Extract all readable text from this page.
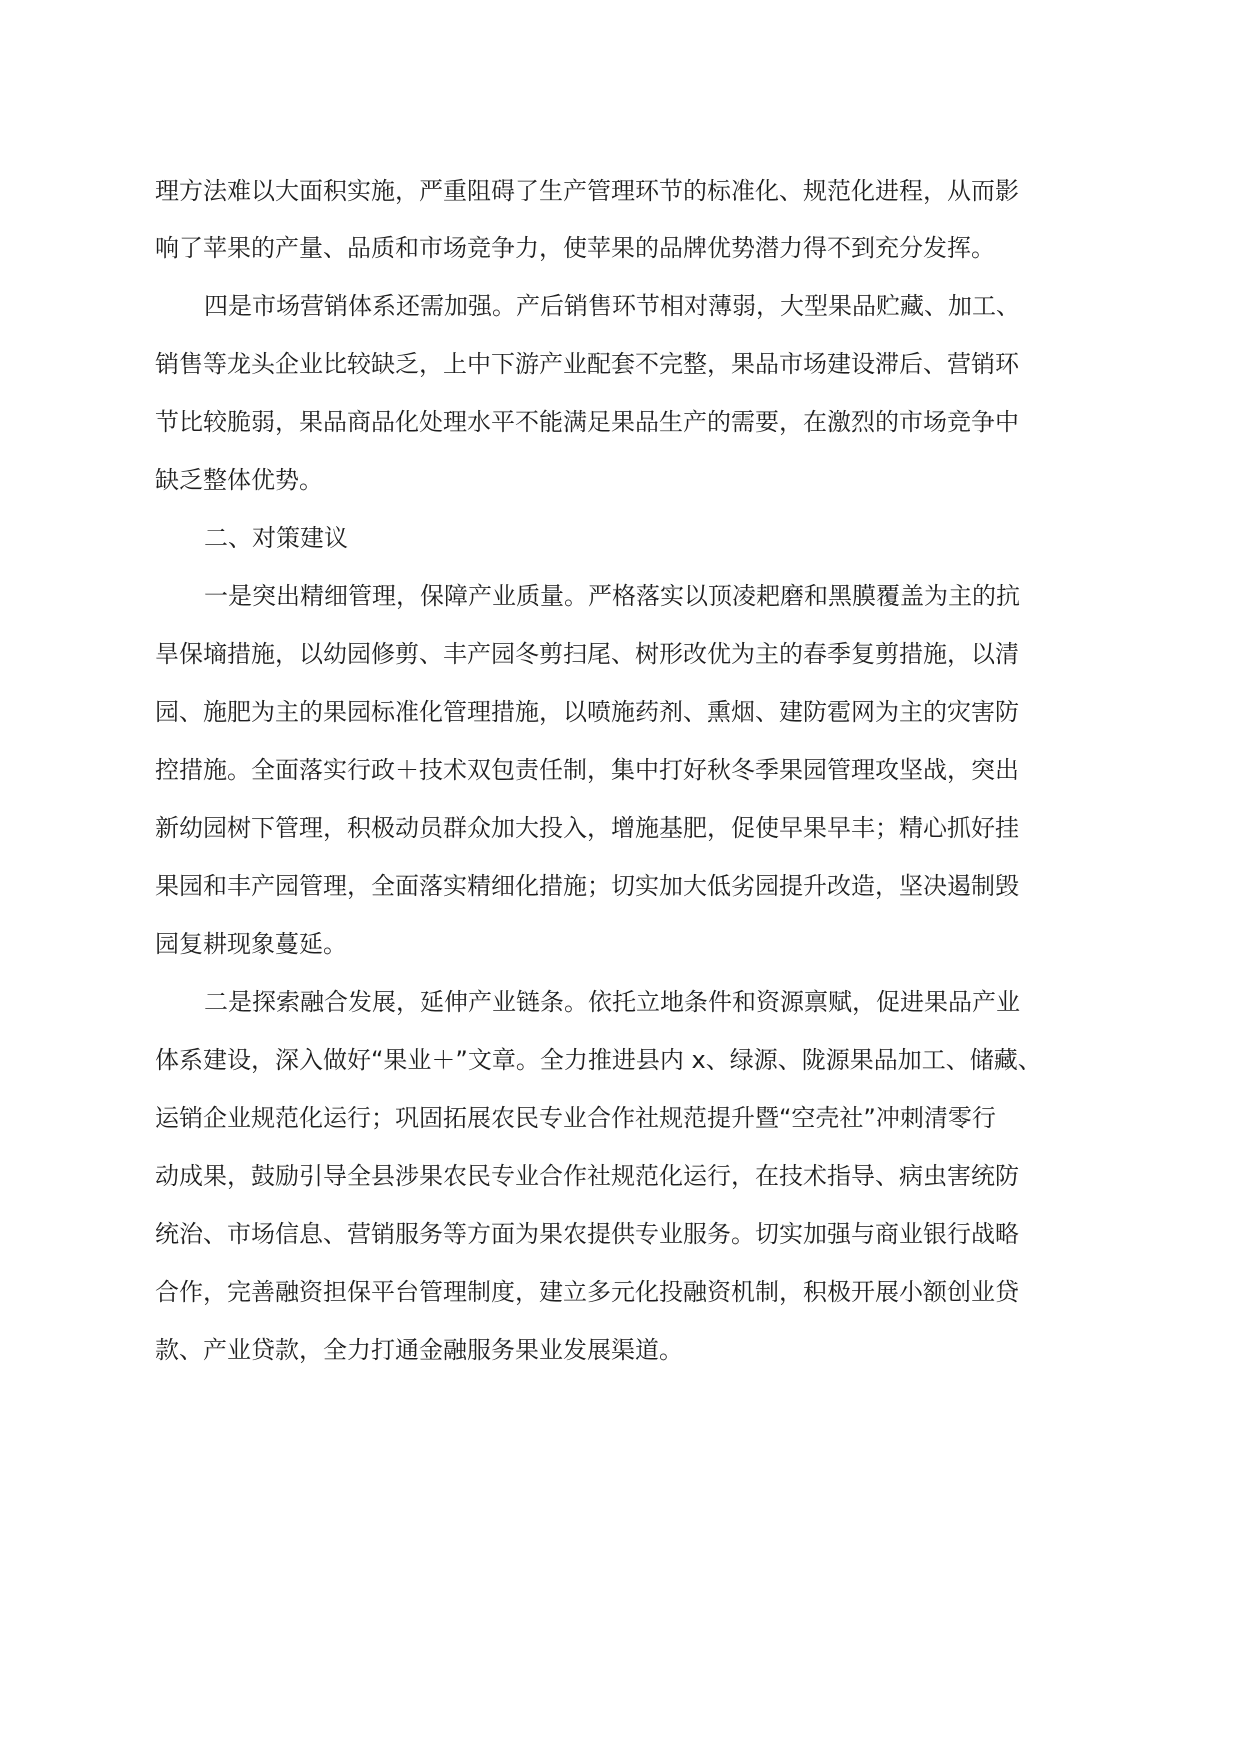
理方法难以大面积实施，严重阻碍了生产管理环节的标准化、规范化进程，从而影

响了苹果的产量、品质和市场竞争力，使苹果的品牌优势潜力得不到充分发挥。

四是市场营销体系还需加强。产后销售环节相对薄弱，大型果品贮藏、加工、

销售等龙头企业比较缺乏，上中下游产业配套不完整，果品市场建设滞后、营销环

节比较脆弱，果品商品化处理水平不能满足果品生产的需要，在激烈的市场竞争中

缺乏整体优势。

二、对策建议

一是突出精细管理，保障产业质量。严格落实以顶凌耙磨和黑膜覆盖为主的抗

旱保墒措施，以幼园修剪、丰产园冬剪扫尾、树形改优为主的春季复剪措施，以清

园、施肥为主的果园标准化管理措施，以喷施药剂、熏烟、建防雹网为主的灾害防

控措施。全面落实行政＋技术双包责任制，集中打好秋冬季果园管理攻坚战，突出

新幼园树下管理，积极动员群众加大投入，增施基肥，促使早果早丰；精心抓好挂

果园和丰产园管理，全面落实精细化措施；切实加大低劣园提升改造，坚决遏制毁

园复耕现象蔓延。

二是探索融合发展，延伸产业链条。依托立地条件和资源禀赋，促进果品产业

体系建设，深入做好“果业＋”文章。全力推进县内 x、绿源、陇源果品加工、储藏、

运销企业规范化运行；巩固拓展农民专业合作社规范提升暨“空壳社”冲刺清零行

动成果，鼓励引导全县涉果农民专业合作社规范化运行，在技术指导、病虫害统防

统治、市场信息、营销服务等方面为果农提供专业服务。切实加强与商业银行战略

合作，完善融资担保平台管理制度，建立多元化投融资机制，积极开展小额创业贷

款、产业贷款，全力打通金融服务果业发展渠道。
